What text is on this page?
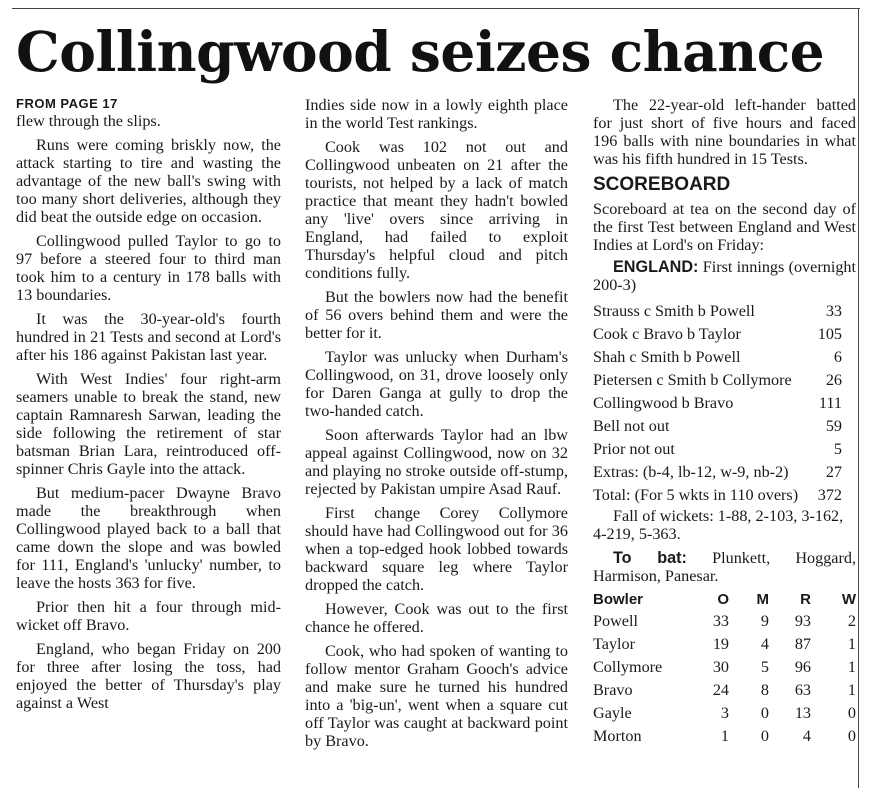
Collingwood seizes chance
FROM PAGE 17

flew through the slips.

Runs were coming briskly now, the attack starting to tire and wasting the advantage of the new ball's swing with too many short deliveries, although they did beat the outside edge on occasion.

Collingwood pulled Taylor to go to 97 before a steered four to third man took him to a century in 178 balls with 13 boundaries.

It was the 30-year-old's fourth hundred in 21 Tests and second at Lord's after his 186 against Pakistan last year.

With West Indies' four right-arm seamers unable to break the stand, new captain Ramnaresh Sarwan, leading the side following the retirement of star batsman Brian Lara, reintroduced off-spinner Chris Gayle into the attack.

But medium-pacer Dwayne Bravo made the breakthrough when Collingwood played back to a ball that came down the slope and was bowled for 111, England's 'unlucky' number, to leave the hosts 363 for five.

Prior then hit a four through mid-wicket off Bravo.

England, who began Friday on 200 for three after losing the toss, had enjoyed the better of Thursday's play against a West

Indies side now in a lowly eighth place in the world Test rankings.

Cook was 102 not out and Collingwood unbeaten on 21 after the tourists, not helped by a lack of match practice that meant they hadn't bowled any 'live' overs since arriving in England, had failed to exploit Thursday's helpful cloud and pitch conditions fully.

But the bowlers now had the benefit of 56 overs behind them and were the better for it.

Taylor was unlucky when Durham's Collingwood, on 31, drove loosely only for Daren Ganga at gully to drop the two-handed catch.

Soon afterwards Taylor had an lbw appeal against Collingwood, now on 32 and playing no stroke outside off-stump, rejected by Pakistan umpire Asad Rauf.

First change Corey Collymore should have had Collingwood out for 36 when a top-edged hook lobbed towards backward square leg where Taylor dropped the catch.

However, Cook was out to the first chance he offered.

Cook, who had spoken of wanting to follow mentor Graham Gooch's advice and make sure he turned his hundred into a 'big-un', went when a square cut off Taylor was caught at backward point by Bravo.

The 22-year-old left-hander batted for just short of five hours and faced 196 balls with nine boundaries in what was his fifth hundred in 15 Tests.

SCOREBOARD

Scoreboard at tea on the second day of the first Test between England and West Indies at Lord's on Friday:

ENGLAND: First innings (overnight 200-3)

Strauss c Smith b Powell	33
Cook c Bravo b Taylor	105
Shah c Smith b Powell	6
Pietersen c Smith b Collymore 26
Collingwood b Bravo	111
Bell not out	59
Prior not out	5
Extras: (b-4, lb-12, w-9, nb-2) 27
Total: (For 5 wkts in 110 overs) 372

Fall of wickets: 1-88, 2-103, 3-162, 4-219, 5-363.

To bat: Plunkett, Hoggard, Harmison, Panesar.

Bowler	O	M	R	W
Powell	33	9	93	2
Taylor	19	4	87	1
Collymore	30	5	96	1
Bravo	24	8	63	1
Gayle	3	0	13	0
Morton	1	0	4	0
